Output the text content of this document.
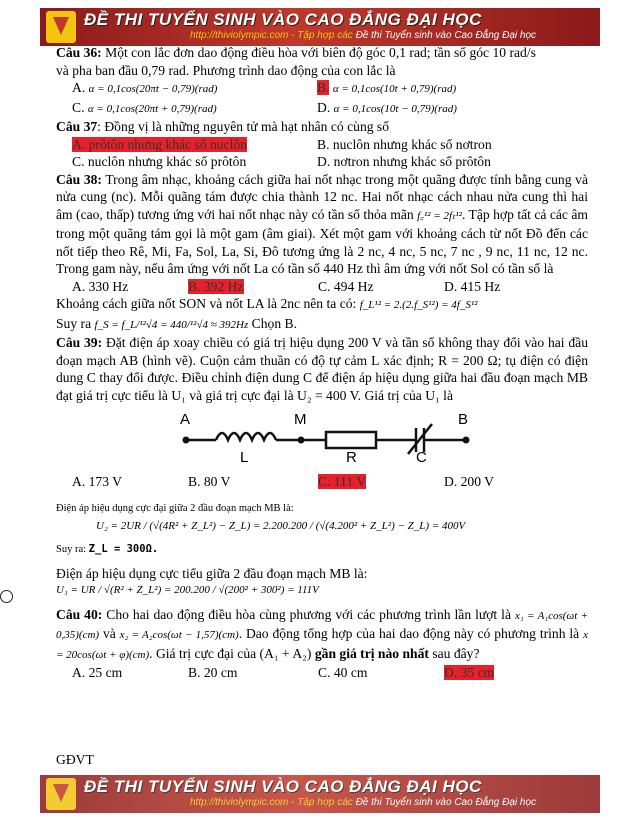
ĐỀ THI TUYỂN SINH VÀO CAO ĐẲNG ĐẠI HỌC
http://thiviolympic.com - Tập hợp các Đề thi Tuyển sinh vào Cao Đẳng Đại học
Câu 36: Một con lắc đơn dao động điều hòa với biên độ góc 0,1 rad; tần số góc 10 rad/s
và pha ban đầu 0,79 rad. Phương trình dao động của con lắc là
A. α = 0,1cos(20πt − 0,79)(rad)	B. α = 0,1cos(10t + 0,79)(rad)
C. α = 0,1cos(20πt + 0,79)(rad)	D. α = 0,1cos(10t − 0,79)(rad)
Câu 37: Đồng vị là những nguyên tử mà hạt nhân có cùng số
A. prôtôn nhưng khác số nuclôn	B. nuclôn nhưng khác số nơtron
C. nuclôn nhưng khác số prôtôn	D. nơtron nhưng khác số prôtôn
Câu 38: Trong âm nhạc, khoảng cách giữa hai nốt nhạc trong một quãng được tính bằng cung và nửa cung (nc). Mỗi quãng tám được chia thành 12 nc. Hai nốt nhạc cách nhau nửa cung thì hai âm (cao, thấp) tương ứng với hai nốt nhạc này có tần số thỏa mãn f꜀¹² = 2fₜ¹². Tập hợp tất cả các âm trong một quãng tám gọi là một gam (âm giai). Xét một gam với khoảng cách từ nốt Đồ đến các nốt tiếp theo Rê, Mi, Fa, Sol, La, Si, Đô tương ứng là 2 nc, 4 nc, 5 nc, 7 nc , 9 nc, 11 nc, 12 nc. Trong gam này, nếu âm ứng với nốt La có tần số 440 Hz thì âm ứng với nốt Sol có tần số là
A. 330 Hz	B. 392 Hz	C. 494 Hz	D. 415 Hz
Khoảng cách giữa nốt SON và nốt LA là 2nc nên ta có: f_L¹² = 2.(2.f_S¹²) = 4f_S¹²
Suy ra f_S = f_L/¹²√4 = 440/¹²√4 ≈ 392Hz Chọn B.
Câu 39: Đặt điện áp xoay chiều có giá trị hiệu dụng 200 V và tần số không thay đổi vào hai đầu đoạn mạch AB (hình vẽ). Cuộn cảm thuần có độ tự cảm L xác định; R = 200 Ω; tụ điện có điện dung C thay đổi được. Điều chỉnh điện dung C để điện áp hiệu dụng giữa hai đầu đoạn mạch MB đạt giá trị cực tiểu là U₁ và giá trị cực đại là U₂ = 400 V. Giá trị của U₁ là
A	M	B
L	R	C
A. 173 V	B. 80 V	C. 111 V	D. 200 V
Điện áp hiệu dụng cực đại giữa 2 đầu đoạn mạch MB là:
U₂ = 2UR / (√(4R² + Z_L²) − Z_L) = 2.200.200 / (√(4.200² + Z_L²) − Z_L) = 400V
Suy ra: Z_L = 300Ω.
Điện áp hiệu dụng cực tiểu giữa 2 đầu đoạn mạch MB là:
U₁ = UR / √(R² + Z_L²) = 200.200 / √(200² + 300²) = 111V
Câu 40: Cho hai dao động điều hòa cùng phương với các phương trình lần lượt là x₁ = A₁cos(ωt + 0,35)(cm) và x₂ = A₂cos(ωt − 1,57)(cm). Dao động tổng hợp của hai dao động này có phương trình là x = 20cos(ωt + φ)(cm). Giá trị cực đại của (A₁ + A₂) gần giá trị nào nhất sau đây?
A. 25 cm	B. 20 cm	C. 40 cm	D. 35 cm
GĐVT
ĐỀ THI TUYỂN SINH VÀO CAO ĐẲNG ĐẠI HỌC
http://thiviolympic.com - Tập hợp các Đề thi Tuyển sinh vào Cao Đẳng Đại học
